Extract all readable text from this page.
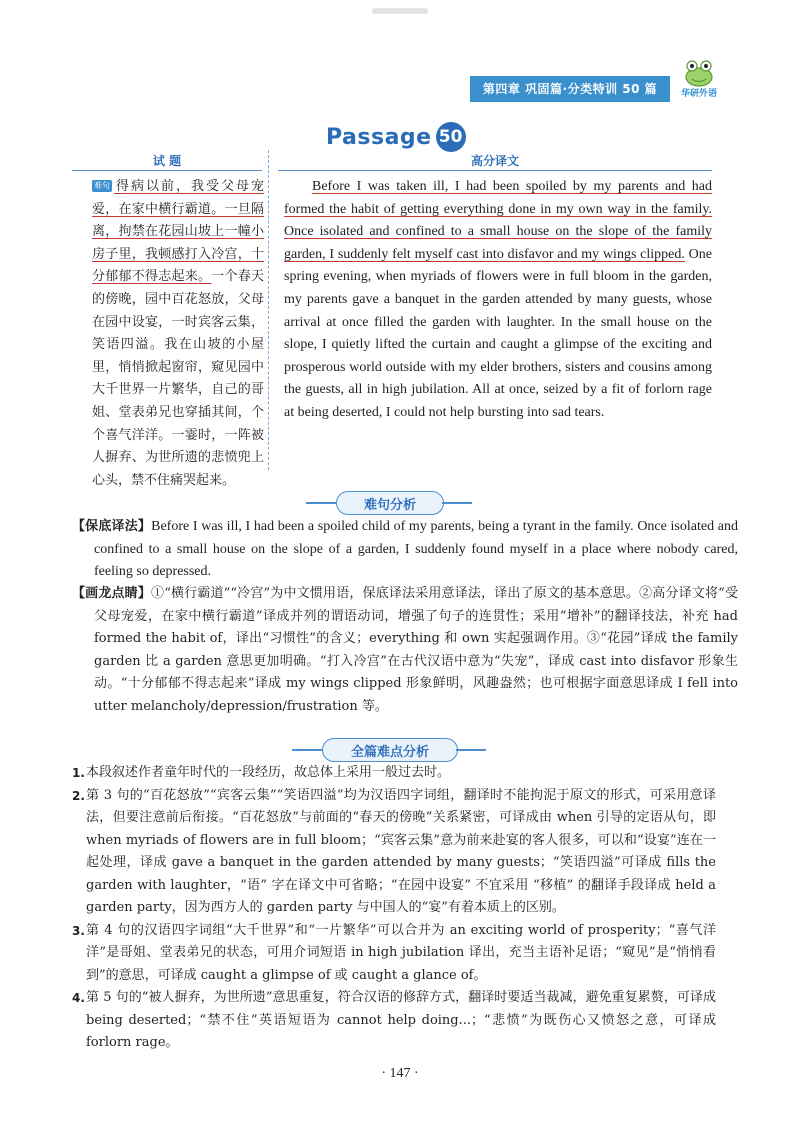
第四章 巩固篇·分类特训 50 篇	华研外语
Passage 50
试 题	高分译文
难句 得病以前，我受父母宠爱，在家中横行霸道。一旦隔离，拘禁在花园山坡上一幢小房子里，我顿感打入冷宫，十分郁郁不得志起来。一个春天的傍晚，园中百花怒放，父母在园中设宴，一时宾客云集，笑语四溢。我在山坡的小屋里，悄悄掀起窗帘，窥见园中大千世界一片繁华，自己的哥姐、堂表弟兄也穿插其间，个个喜气洋洋。一霎时，一阵被人摒弃、为世所遗的悲愤兜上心头，禁不住痛哭起来。
Before I was taken ill, I had been spoiled by my parents and had formed the habit of getting everything done in my own way in the family. Once isolated and confined to a small house on the slope of the family garden, I suddenly felt myself cast into disfavor and my wings clipped. One spring evening, when myriads of flowers were in full bloom in the garden, my parents gave a banquet in the garden attended by many guests, whose arrival at once filled the garden with laughter. In the small house on the slope, I quietly lifted the curtain and caught a glimpse of the exciting and prosperous world outside with my elder brothers, sisters and cousins among the guests, all in high jubilation. All at once, seized by a fit of forlorn rage at being deserted, I could not help bursting into sad tears.
难句分析
【保底译法】Before I was ill, I had been a spoiled child of my parents, being a tyrant in the family. Once isolated and confined to a small house on the slope of a garden, I suddenly found myself in a place where nobody cared, feeling so depressed.
【画龙点睛】①“横行霸道”“冷宫”为中文惯用语，保底译法采用意译法，译出了原文的基本意思。②高分译文将“受父母宠爱，在家中横行霸道”译成并列的谓语动词，增强了句子的连贯性；采用“增补”的翻译技法，补充 had formed the habit of，译出“习惯性”的含义；everything 和 own 实起强调作用。③“花园”译成 the family garden 比 a garden 意思更加明确。“打入冷宫”在古代汉语中意为“失宠”，译成 cast into disfavor 形象生动。“十分郁郁不得志起来”译成 my wings clipped 形象鲜明，风趣盎然；也可根据字面意思译成 I fell into utter melancholy/depression/frustration 等。
全篇难点分析
1. 本段叙述作者童年时代的一段经历，故总体上采用一般过去时。
2. 第 3 句的“百花怒放”“宾客云集”“笑语四溢”均为汉语四字词组，翻译时不能拘泥于原文的形式，可采用意译法，但要注意前后衔接。“百花怒放”与前面的“春天的傍晚”关系紧密，可译成由 when 引导的定语从句，即 when myriads of flowers are in full bloom；“宾客云集”意为前来赴宴的客人很多，可以和“设宴”连在一起处理，译成 gave a banquet in the garden attended by many guests；“笑语四溢”可译成 fills the garden with laughter，“语” 字在译文中可省略；“在园中设宴” 不宜采用 “移植” 的翻译手段译成 held a garden party，因为西方人的 garden party 与中国人的“宴”有着本质上的区别。
3. 第 4 句的汉语四字词组“大千世界”和“一片繁华”可以合并为 an exciting world of prosperity；“喜气洋洋”是哥姐、堂表弟兄的状态，可用介词短语 in high jubilation 译出，充当主语补足语；“窥见”是“悄悄看到”的意思，可译成 caught a glimpse of 或 caught a glance of。
4. 第 5 句的“被人摒弃，为世所遗”意思重复，符合汉语的修辞方式，翻译时要适当裁减，避免重复累赘，可译成 being deserted；“禁不住”英语短语为 cannot help doing...；“悲愤”为既伤心又愤怒之意，可译成 forlorn rage。
· 147 ·
